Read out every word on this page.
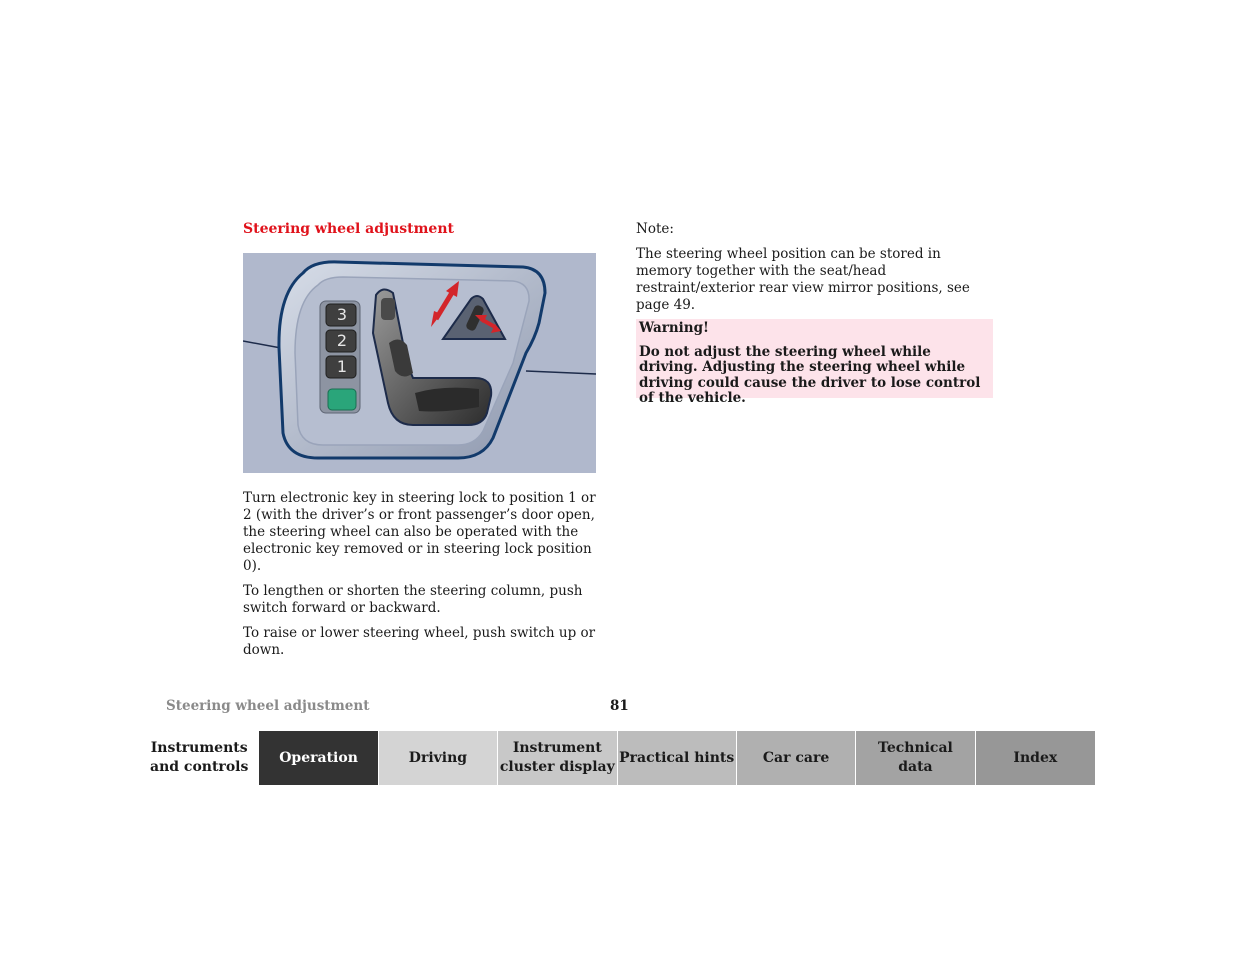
Steering wheel adjustment
3
2
1

Turn electronic key in steering lock to position 1 or 2 (with the driver’s or front passenger’s door open, the steering wheel can also be operated with the electronic key removed or in steering lock position 0).

To lengthen or shorten the steering column, push switch forward or backward.

To raise or lower steering wheel, push switch up or down.

Note:

The steering wheel position can be stored in memory together with the seat/head restraint/exterior rear view mirror positions, see page 49.

Warning!

Do not adjust the steering wheel while driving. Adjusting the steering wheel while driving could cause the driver to lose control of the vehicle.

Steering wheel adjustment	81
Instruments
and controls
Operation	Driving
Instrument
cluster display
Practical hints Car care
Technical
data
Index
